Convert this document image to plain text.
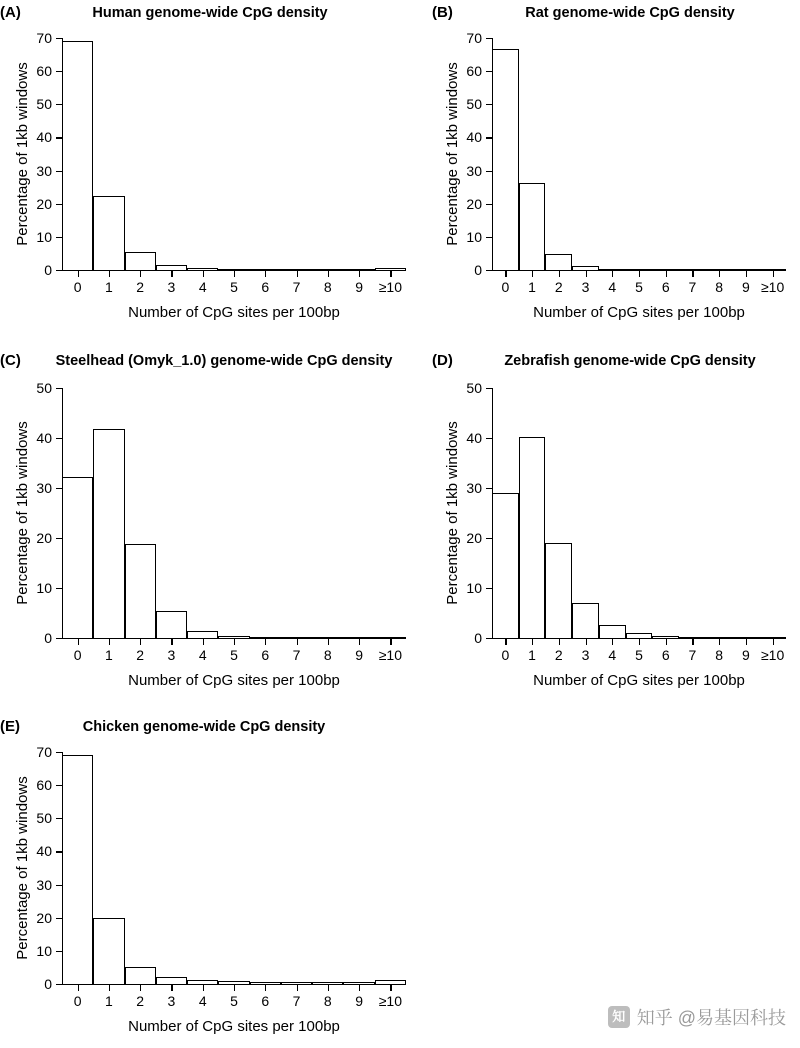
(A)	Human genome-wide CpG density
0
10
20
30
40
50
60
70
0	1	2	3	4	5	6	7	8	9	≥10
Number of CpG sites per 100bp
Percentage of 1kb windows
(B)	Rat genome-wide CpG density
0
10
20
30
40
50
60
70
0	1	2	3	4	5	6	7	8	9 ≥10
Number of CpG sites per 100bp
Percentage of 1kb windows
(C)	Steelhead (Omyk_1.0) genome-wide CpG density
0
10
20
30
40
50
0	1	2	3	4	5	6	7	8	9	≥10
Number of CpG sites per 100bp
Percentage of 1kb windows
(D)	Zebrafish genome-wide CpG density
0
10
20
30
40
50
0	1	2	3	4	5	6	7	8	9 ≥10
Number of CpG sites per 100bp
Percentage of 1kb windows
(E)	Chicken genome-wide CpG density
0
10
20
30
40
50
60
70
0	1	2	3	4	5	6	7	8	9	≥10
Number of CpG sites per 100bp
Percentage of 1kb windows
知 知乎 @易基因科技
